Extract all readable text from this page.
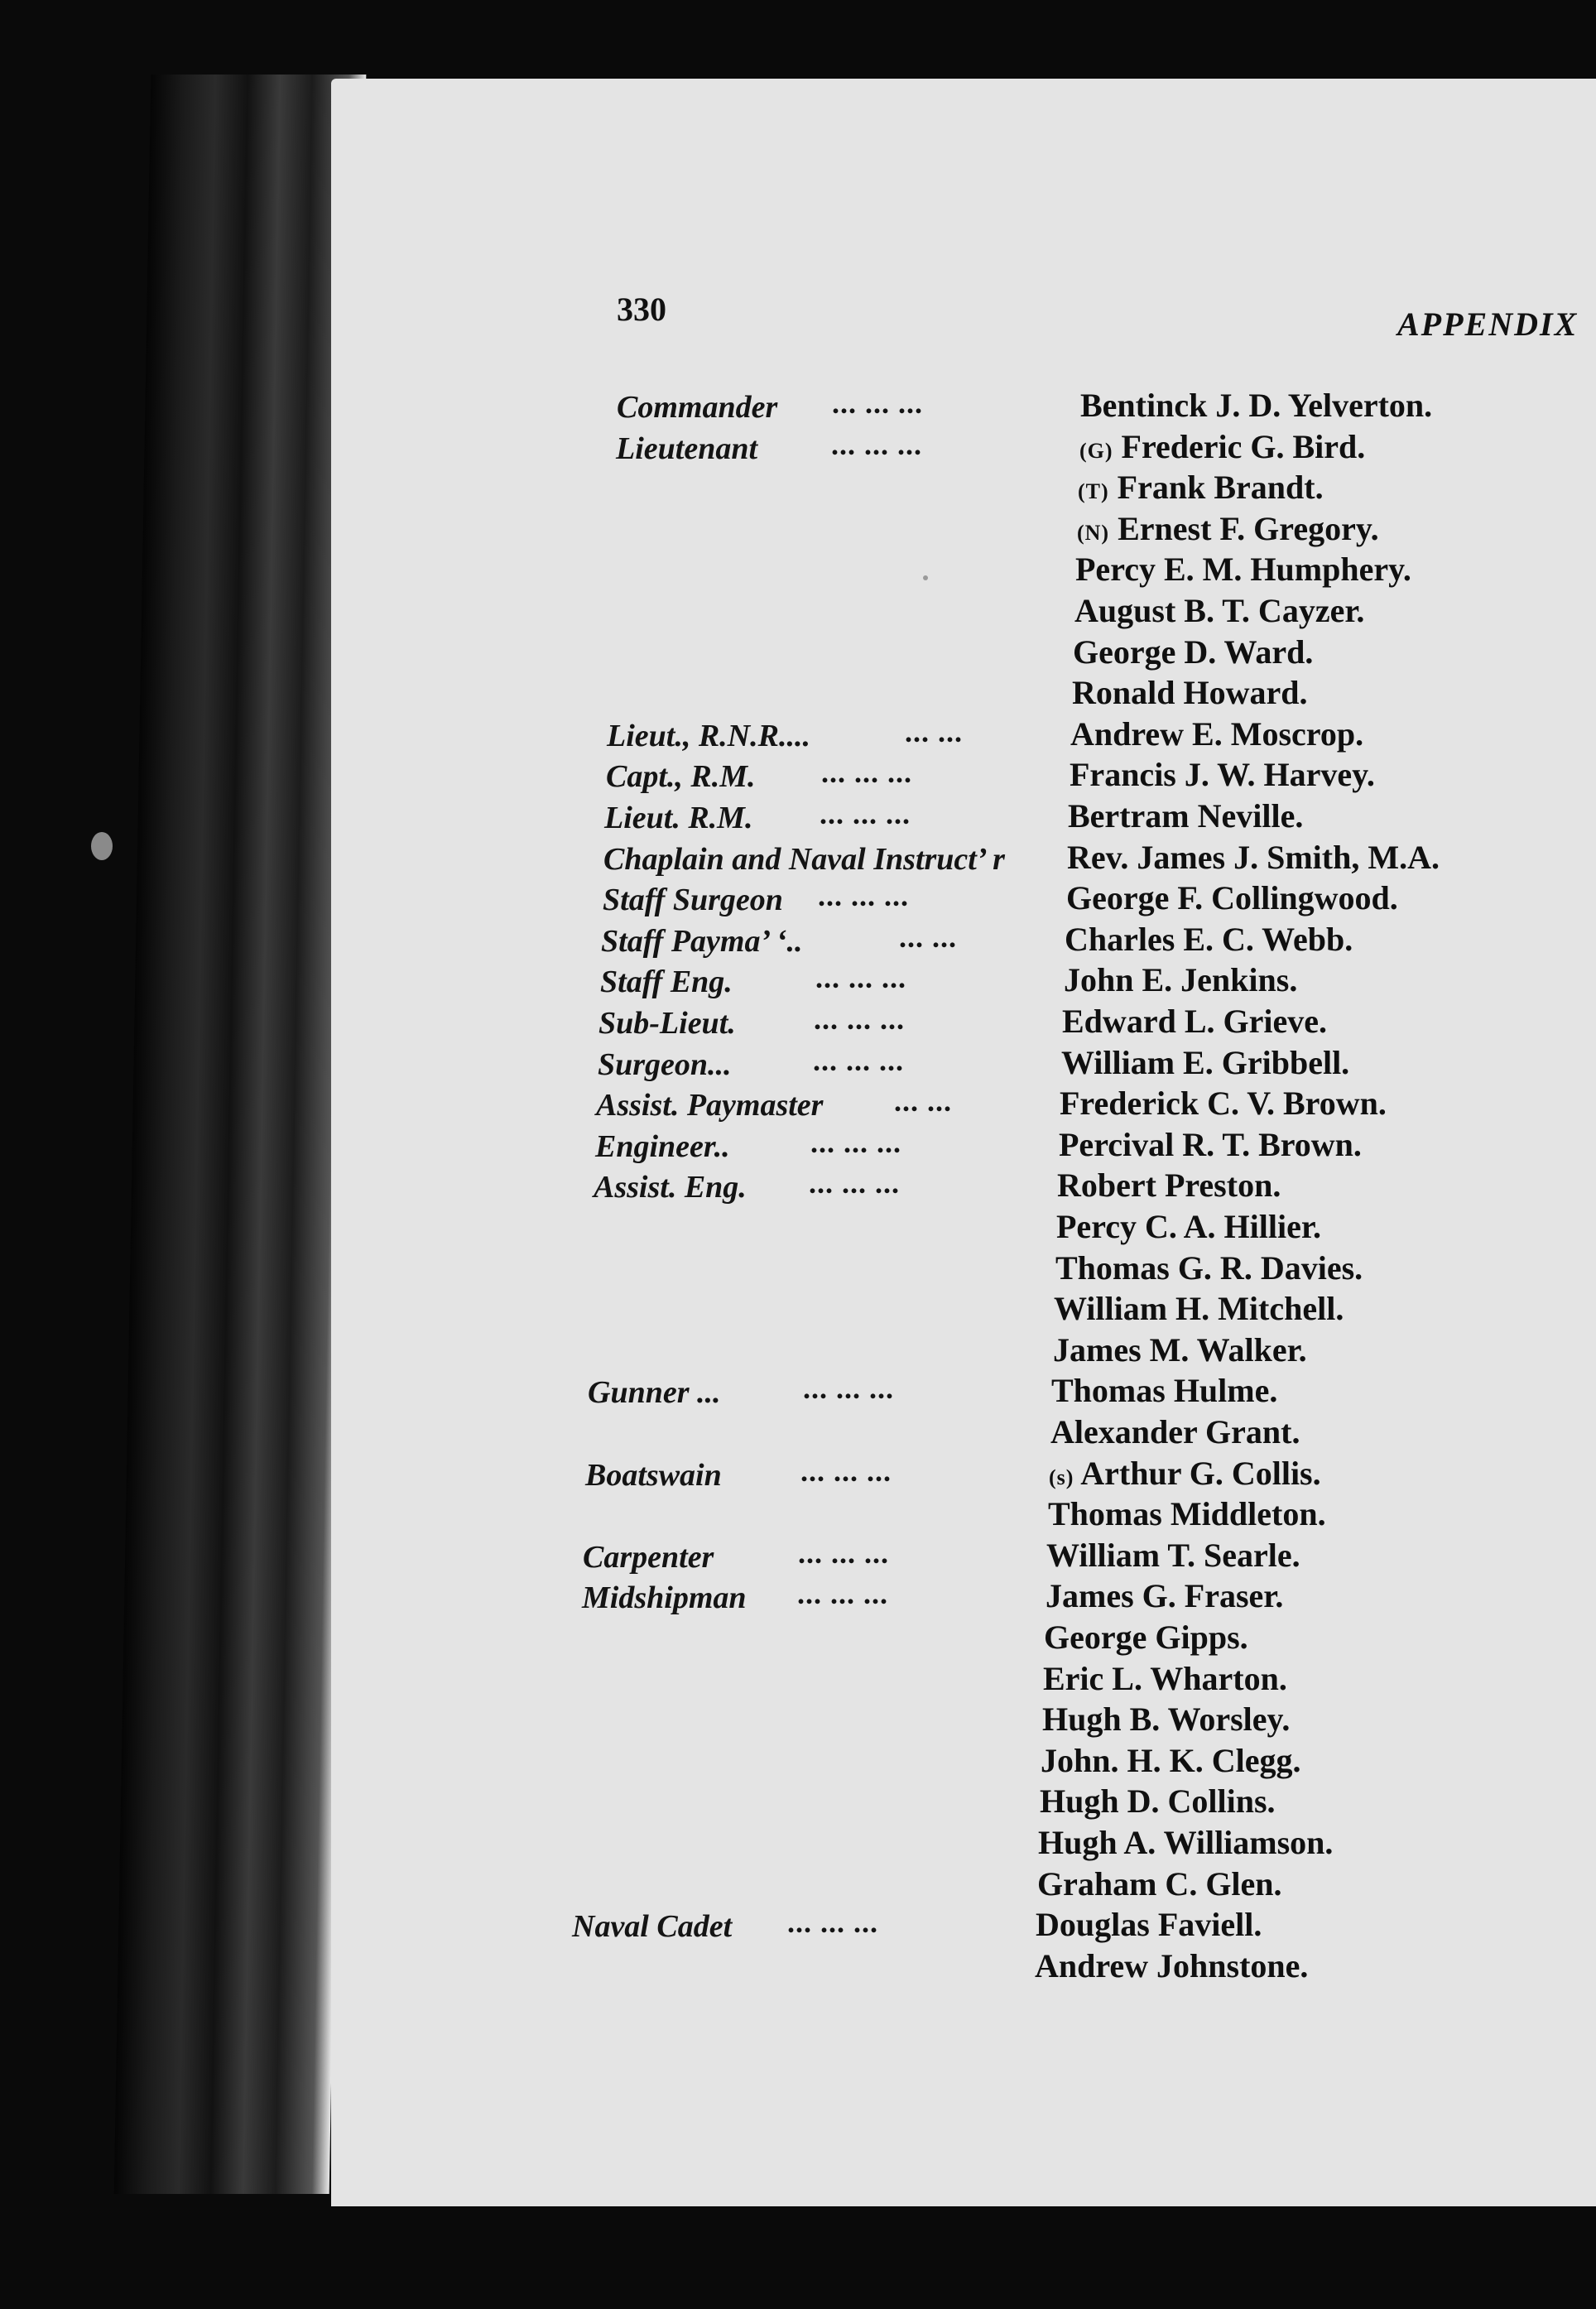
330	APPENDIX
Commander ... ... ...	Bentinck J. D. Yelverton.
Lieutenant ... ... ...	(G) Frederic G. Bird.
(T) Frank Brandt.
(N) Ernest F. Gregory.
Percy E. M. Humphery.
August B. T. Cayzer.
George D. Ward.
Ronald Howard.
Lieut., R.N.R....	... ...	Andrew E. Moscrop.
Capt., R.M. ... ... ...	Francis J. W. Harvey.
Lieut. R.M. ... ... ...	Bertram Neville.
Chaplain and Naval Instruct’ r Rev. James J. Smith, M.A.
Staff Surgeon ... ... ...	George F. Collingwood.
Staff Payma’ ‘..	... ...	Charles E. C. Webb.
Staff Eng.	... ... ...	John E. Jenkins.
Sub-Lieut.	... ... ...	Edward L. Grieve.
Surgeon...	... ... ...	William E. Gribbell.
Assist. Paymaster ... ...	Frederick C. V. Brown.
Engineer..	... ... ...	Percival R. T. Brown.
Assist. Eng. ... ... ...	Robert Preston.
Percy C. A. Hillier.
Thomas G. R. Davies.
William H. Mitchell.
James M. Walker.
Gunner ...	... ... ...	Thomas Hulme.
Alexander Grant.
Boatswain	... ... ...	(s) Arthur G. Collis.
Thomas Middleton.
Carpenter	... ... ...	William T. Searle.
Midshipman ... ... ...	James G. Fraser.
George Gipps.
Eric L. Wharton.
Hugh B. Worsley.
John. H. K. Clegg.
Hugh D. Collins.
Hugh A. Williamson.
Graham C. Glen.
Naval Cadet ... ... ...	Douglas Faviell.
Andrew Johnstone.
